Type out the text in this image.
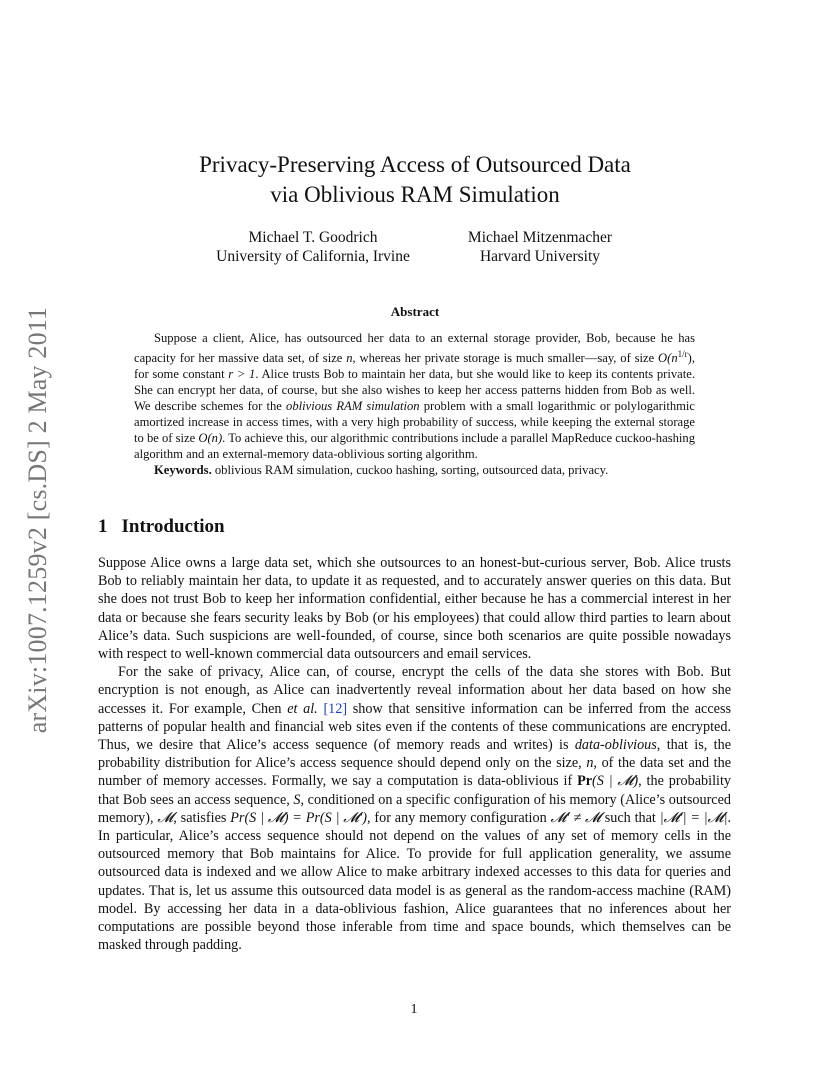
arXiv:1007.1259v2 [cs.DS] 2 May 2011
Privacy-Preserving Access of Outsourced Data
via Oblivious RAM Simulation
Michael T. Goodrich
University of California, Irvine
Michael Mitzenmacher
Harvard University
Abstract

Suppose a client, Alice, has outsourced her data to an external storage provider, Bob, because he has capacity for her massive data set, of size n, whereas her private storage is much smaller—say, of size $O(n^{1/r})$, for some constant r > 1. Alice trusts Bob to maintain her data, but she would like to keep its contents private. She can encrypt her data, of course, but she also wishes to keep her access patterns hidden from Bob as well. We describe schemes for the oblivious RAM simulation problem with a small logarithmic or polylogarithmic amortized increase in access times, with a very high probability of success, while keeping the external storage to be of size O(n). To achieve this, our algorithmic contributions include a parallel MapReduce cuckoo-hashing algorithm and an external-memory data-oblivious sorting algorithm.

Keywords. oblivious RAM simulation, cuckoo hashing, sorting, outsourced data, privacy.

1 Introduction

Suppose Alice owns a large data set, which she outsources to an honest-but-curious server, Bob. Alice trusts Bob to reliably maintain her data, to update it as requested, and to accurately answer queries on this data. But she does not trust Bob to keep her information confidential, either because he has a commercial interest in her data or because she fears security leaks by Bob (or his employees) that could allow third parties to learn about Alice’s data. Such suspicions are well-founded, of course, since both scenarios are quite possible nowadays with respect to well-known commercial data outsourcers and email services.

For the sake of privacy, Alice can, of course, encrypt the cells of the data she stores with Bob. But encryption is not enough, as Alice can inadvertently reveal information about her data based on how she accesses it. For example, Chen et al. [12] show that sensitive information can be inferred from the access patterns of popular health and financial web sites even if the contents of these communications are encrypted. Thus, we desire that Alice’s access sequence (of memory reads and writes) is data-oblivious, that is, the probability distribution for Alice’s access sequence should depend only on the size, n, of the data set and the number of memory accesses. Formally, we say a computation is data-oblivious if Pr(S | 𝓜), the probability that Bob sees an access sequence, S, conditioned on a specific configuration of his memory (Alice’s outsourced memory), 𝓜, satisfies Pr(S | 𝓜) = Pr(S | 𝓜′), for any memory configuration 𝓜′ ≠ 𝓜 such that |𝓜′| = |𝓜|. In particular, Alice’s access sequence should not depend on the values of any set of memory cells in the outsourced memory that Bob maintains for Alice. To provide for full application generality, we assume outsourced data is indexed and we allow Alice to make arbitrary indexed accesses to this data for queries and updates. That is, let us assume this outsourced data model is as general as the random-access machine (RAM) model. By accessing her data in a data-oblivious fashion, Alice guarantees that no inferences about her computations are possible beyond those inferable from time and space bounds, which themselves can be masked through padding.

1
